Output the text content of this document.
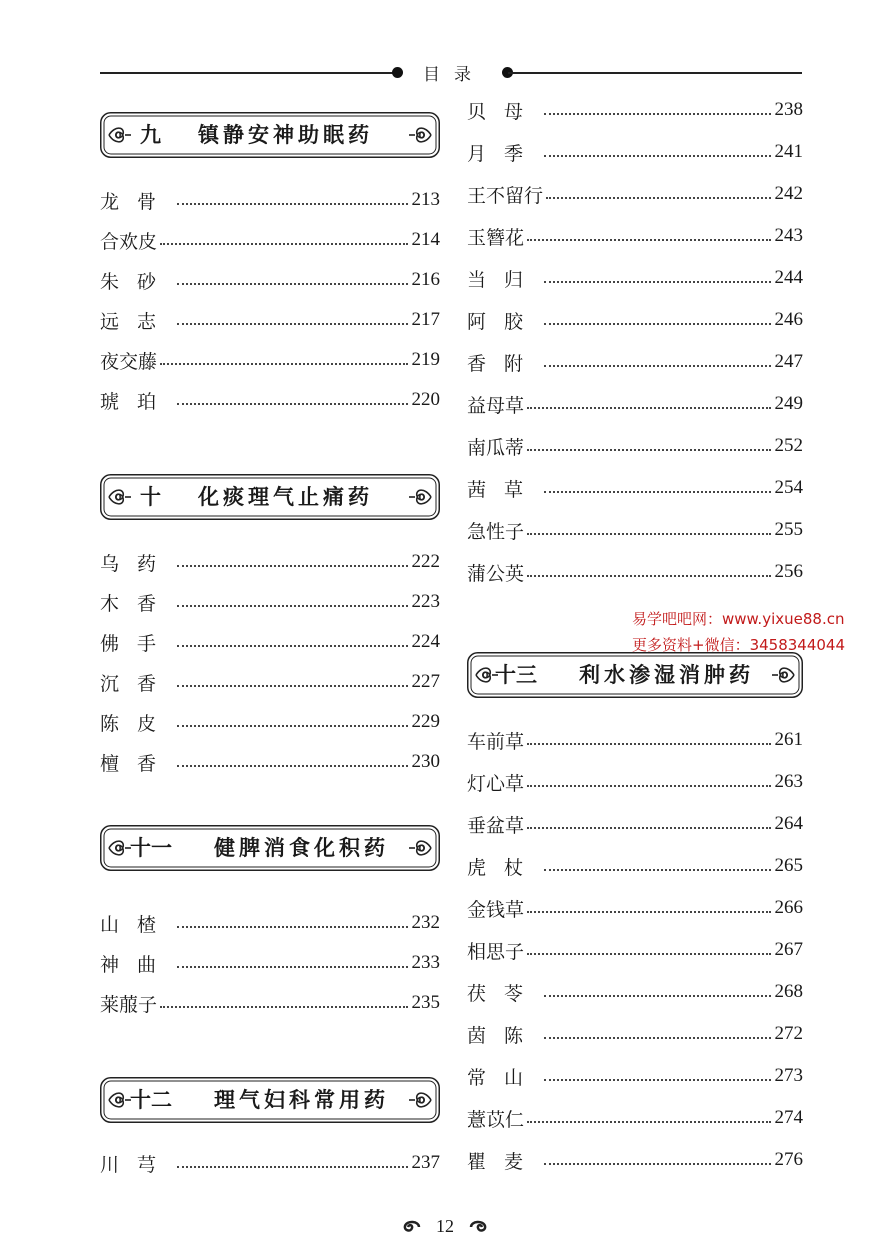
目录
九 镇静安神助眠药
龙骨	213
合欢皮	214
朱砂	216
远志	217
夜交藤	219
琥珀	220
十 化痰理气止痛药
乌药	222
木香	223
佛手	224
沉香	227
陈皮	229
檀香	230
十一 健脾消食化积药
山楂	232
神曲	233
莱菔子	235
十二 理气妇科常用药
川芎	237
贝母	238
月季	241
王不留行	242
玉簪花	243
当归	244
阿胶	246
香附	247
益母草	249
南瓜蒂	252
茜草	254
急性子	255
蒲公英	256
十三 利水渗湿消肿药
车前草	261
灯心草	263
垂盆草	264
虎杖	265
金钱草	266
相思子	267
茯苓	268
茵陈	272
常山	273
薏苡仁	274
瞿麦	276
易学吧吧网：www.yixue88.cn
更多资料+微信：3458344044
12
